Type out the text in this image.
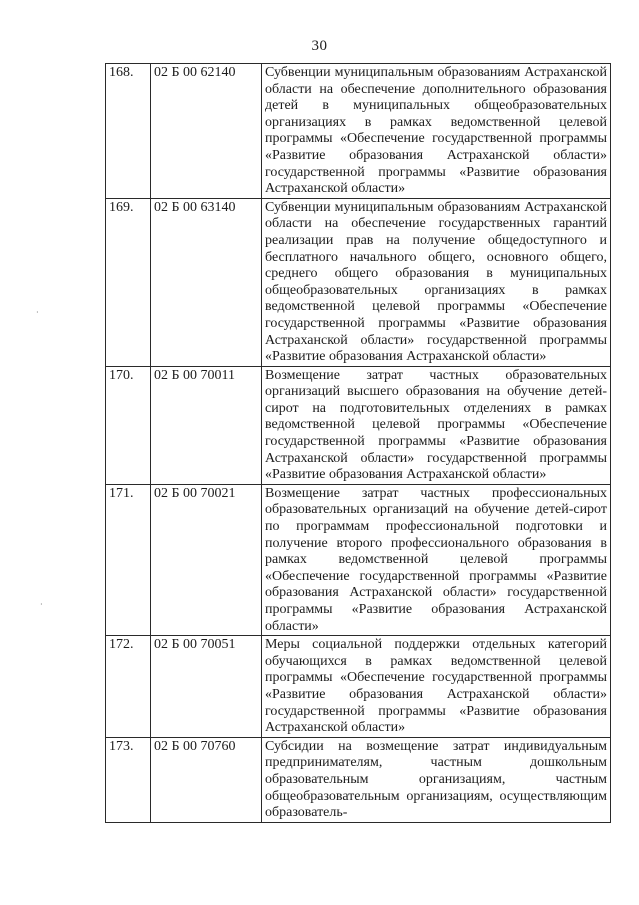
30
·
·
168.	02 Б 00 62140	Субвенции муниципальным образованиям Астраханской области на обеспечение дополнительного образования детей в муниципальных общеобразовательных организациях в рамках ведомственной целевой программы «Обеспечение государственной программы «Развитие образования Астраханской области» государственной программы «Развитие образования Астраханской области»
169.	02 Б 00 63140	Субвенции муниципальным образованиям Астраханской области на обеспечение государственных гарантий реализации прав на получение общедоступного и бесплатного начального общего, основного общего, среднего общего образования в муниципальных общеобразовательных организациях в рамках ведомственной целевой программы «Обеспечение государственной программы «Развитие образования Астраханской области» государственной программы «Развитие образования Астраханской области»
170.	02 Б 00 70011	Возмещение затрат частных образовательных организаций высшего образования на обучение детей-сирот на подготовительных отделениях в рамках ведомственной целевой программы «Обеспечение государственной программы «Развитие образования Астраханской области» государственной программы «Развитие образования Астраханской области»
171.	02 Б 00 70021	Возмещение затрат частных профессиональных образовательных организаций на обучение детей-сирот по программам профессиональной подготовки и получение второго профессионального образования в рамках ведомственной целевой программы «Обеспечение государственной программы «Развитие образования Астраханской области» государственной программы «Развитие образования Астраханской области»
172.	02 Б 00 70051	Меры социальной поддержки отдельных категорий обучающихся в рамках ведомственной целевой программы «Обеспечение государственной программы «Развитие образования Астраханской области» государственной программы «Развитие образования Астраханской области»
173.	02 Б 00 70760	Субсидии на возмещение затрат индивидуальным предпринимателям, частным дошкольным образовательным организациям, частным общеобразовательным организациям, осуществляющим образователь-
